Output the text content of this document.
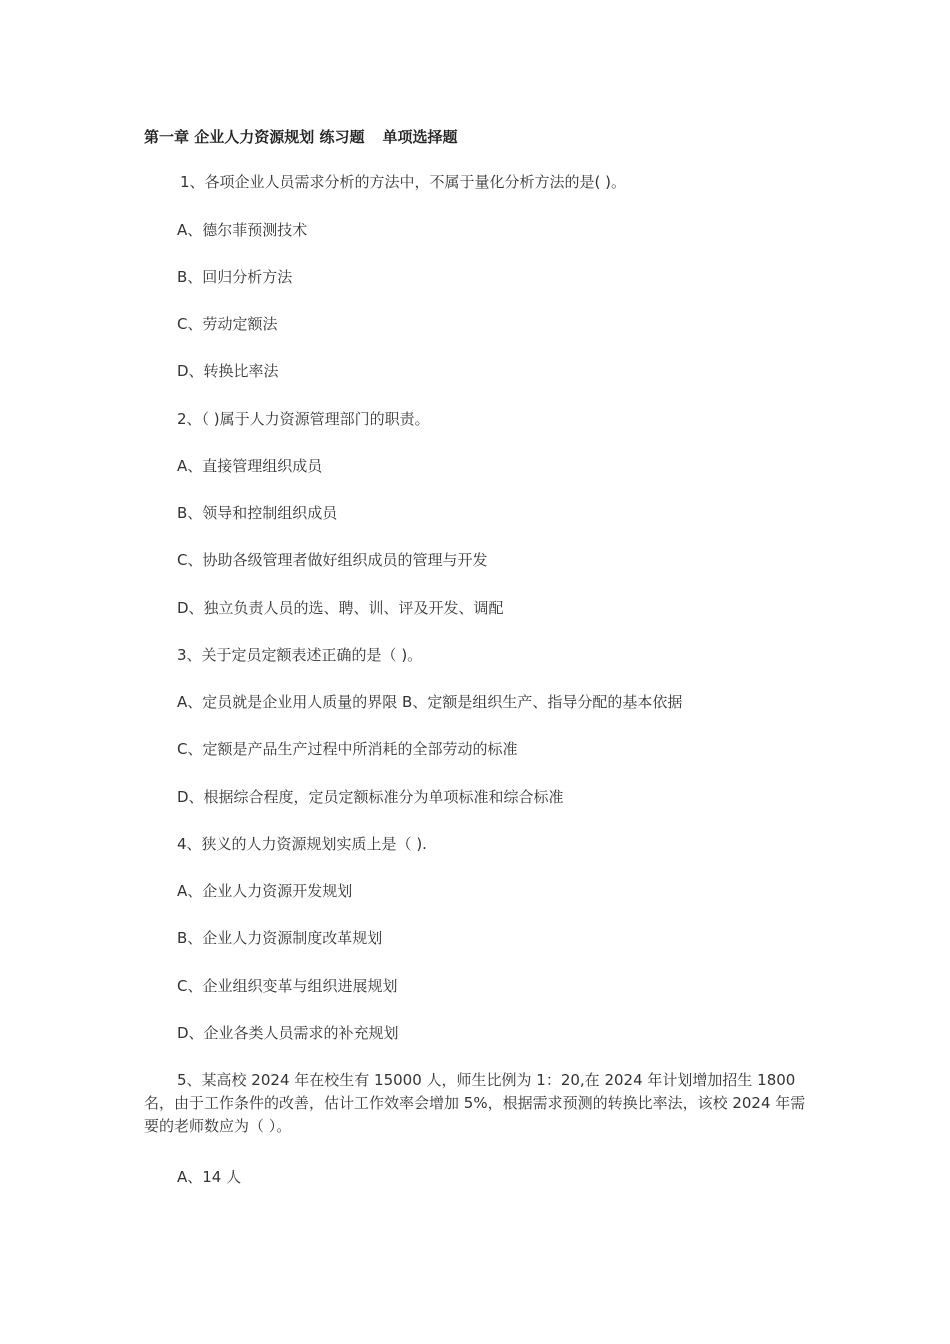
第一章 企业人力资源规划 练习题 单项选择题
1、各项企业人员需求分析的方法中，不属于量化分析方法的是( )。
A、德尔菲预测技术
B、回归分析方法
C、劳动定额法
D、转换比率法
2、（ )属于人力资源管理部门的职责。
A、直接管理组织成员
B、领导和控制组织成员
C、协助各级管理者做好组织成员的管理与开发
D、独立负责人员的选、聘、训、评及开发、调配
3、关于定员定额表述正确的是（ )。
A、定员就是企业用人质量的界限 B、定额是组织生产、指导分配的基本依据
C、定额是产品生产过程中所消耗的全部劳动的标准
D、根据综合程度，定员定额标准分为单项标准和综合标准
4、狭义的人力资源规划实质上是（ ).
A、企业人力资源开发规划
B、企业人力资源制度改革规划
C、企业组织变革与组织进展规划
D、企业各类人员需求的补充规划
5、某高校 2024 年在校生有 15000 人，师生比例为 1：20,在 2024 年计划增加招生 1800 名，由于工作条件的改善，估计工作效率会增加 5%，根据需求预测的转换比率法，该校 2024 年需要的老师数应为（ ）。
A、14 人
